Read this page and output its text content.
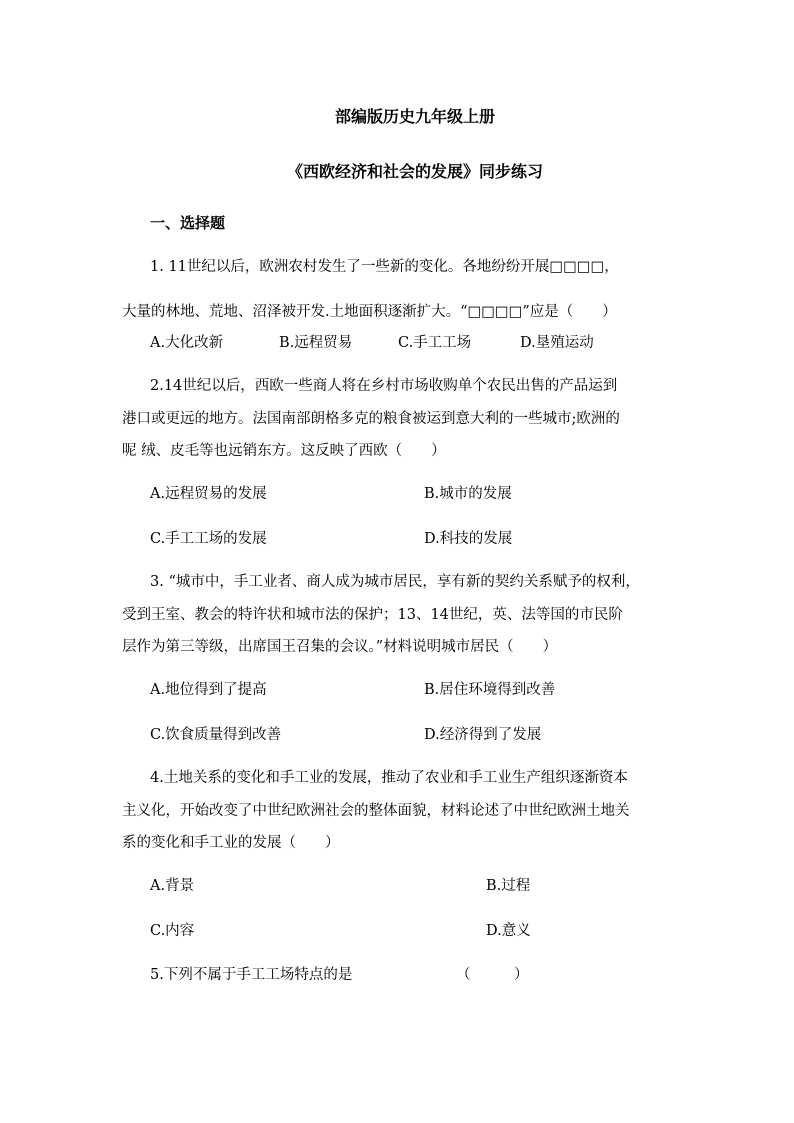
部编版历史九年级上册
《西欧经济和社会的发展》同步练习
一、选择题
1. 11世纪以后，欧洲农村发生了一些新的变化。各地纷纷开展□□□□，
大量的林地、荒地、沼泽被开发.土地面积逐渐扩大。“□□□□”应是（　　）
A.大化改新	B.远程贸易	C.手工工场	D.垦殖运动
2.14世纪以后，西欧一些商人将在乡村市场收购单个农民出售的产品运到
港口或更远的地方。法国南部朗格多克的粮食被运到意大利的一些城市;欧洲的
呢 绒、皮毛等也远销东方。这反映了西欧（　　）
A.远程贸易的发展	B.城市的发展
C.手工工场的发展	D.科技的发展
3. “城市中，手工业者、商人成为城市居民，享有新的契约关系赋予的权利，
受到王室、教会的特许状和城市法的保护；13、14世纪，英、法等国的市民阶
层作为第三等级，出席国王召集的会议。”材料说明城市居民（　　）
A.地位得到了提高	B.居住环境得到改善
C.饮食质量得到改善	D.经济得到了发展
4.土地关系的变化和手工业的发展，推动了农业和手工业生产组织逐渐资本
主义化，开始改变了中世纪欧洲社会的整体面貌，材料论述了中世纪欧洲土地关
系的变化和手工业的发展（　　）
A.背景	B.过程
C.内容	D.意义
5.下列不属于手工工场特点的是	（　　　）
